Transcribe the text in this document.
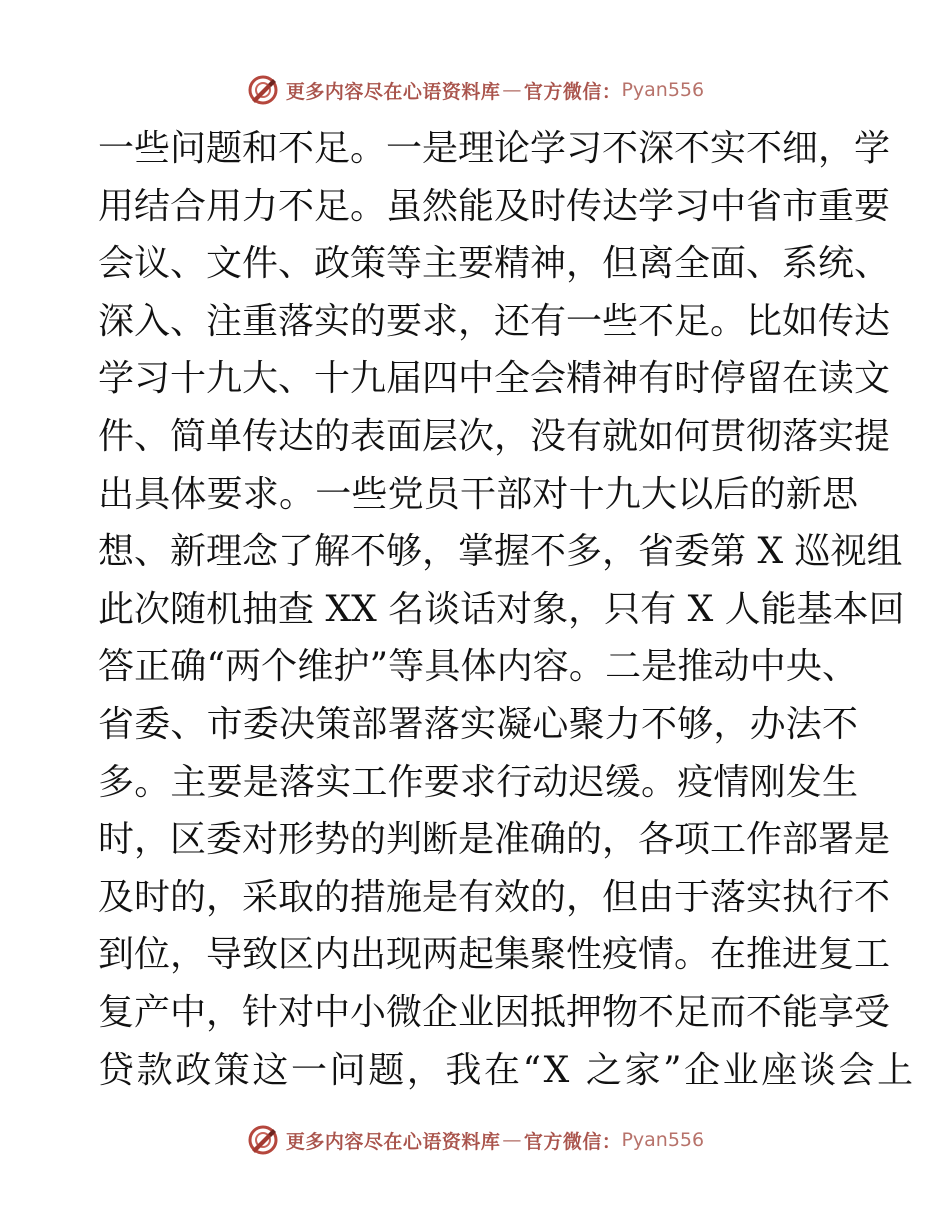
更多内容尽在心语资料库 — 官方微信： Pyan556
一些问题和不足。一是理论学习不深不实不细，学
用结合用力不足。虽然能及时传达学习中省市重要
会议、文件、政策等主要精神，但离全面、系统、
深入、注重落实的要求，还有一些不足。比如传达
学习十九大、十九届四中全会精神有时停留在读文
件、简单传达的表面层次，没有就如何贯彻落实提
出具体要求。一些党员干部对十九大以后的新思
想、新理念了解不够，掌握不多，省委第 X 巡视组
此次随机抽查 XX 名谈话对象，只有 X 人能基本回
答正确“两个维护”等具体内容。二是推动中央、
省委、市委决策部署落实凝心聚力不够，办法不
多。主要是落实工作要求行动迟缓。疫情刚发生
时，区委对形势的判断是准确的，各项工作部署是
及时的，采取的措施是有效的，但由于落实执行不
到位，导致区内出现两起集聚性疫情。在推进复工
复产中，针对中小微企业因抵押物不足而不能享受
贷款政策这一问题，我在“X 之家”企业座谈会上
更多内容尽在心语资料库 — 官方微信： Pyan556
